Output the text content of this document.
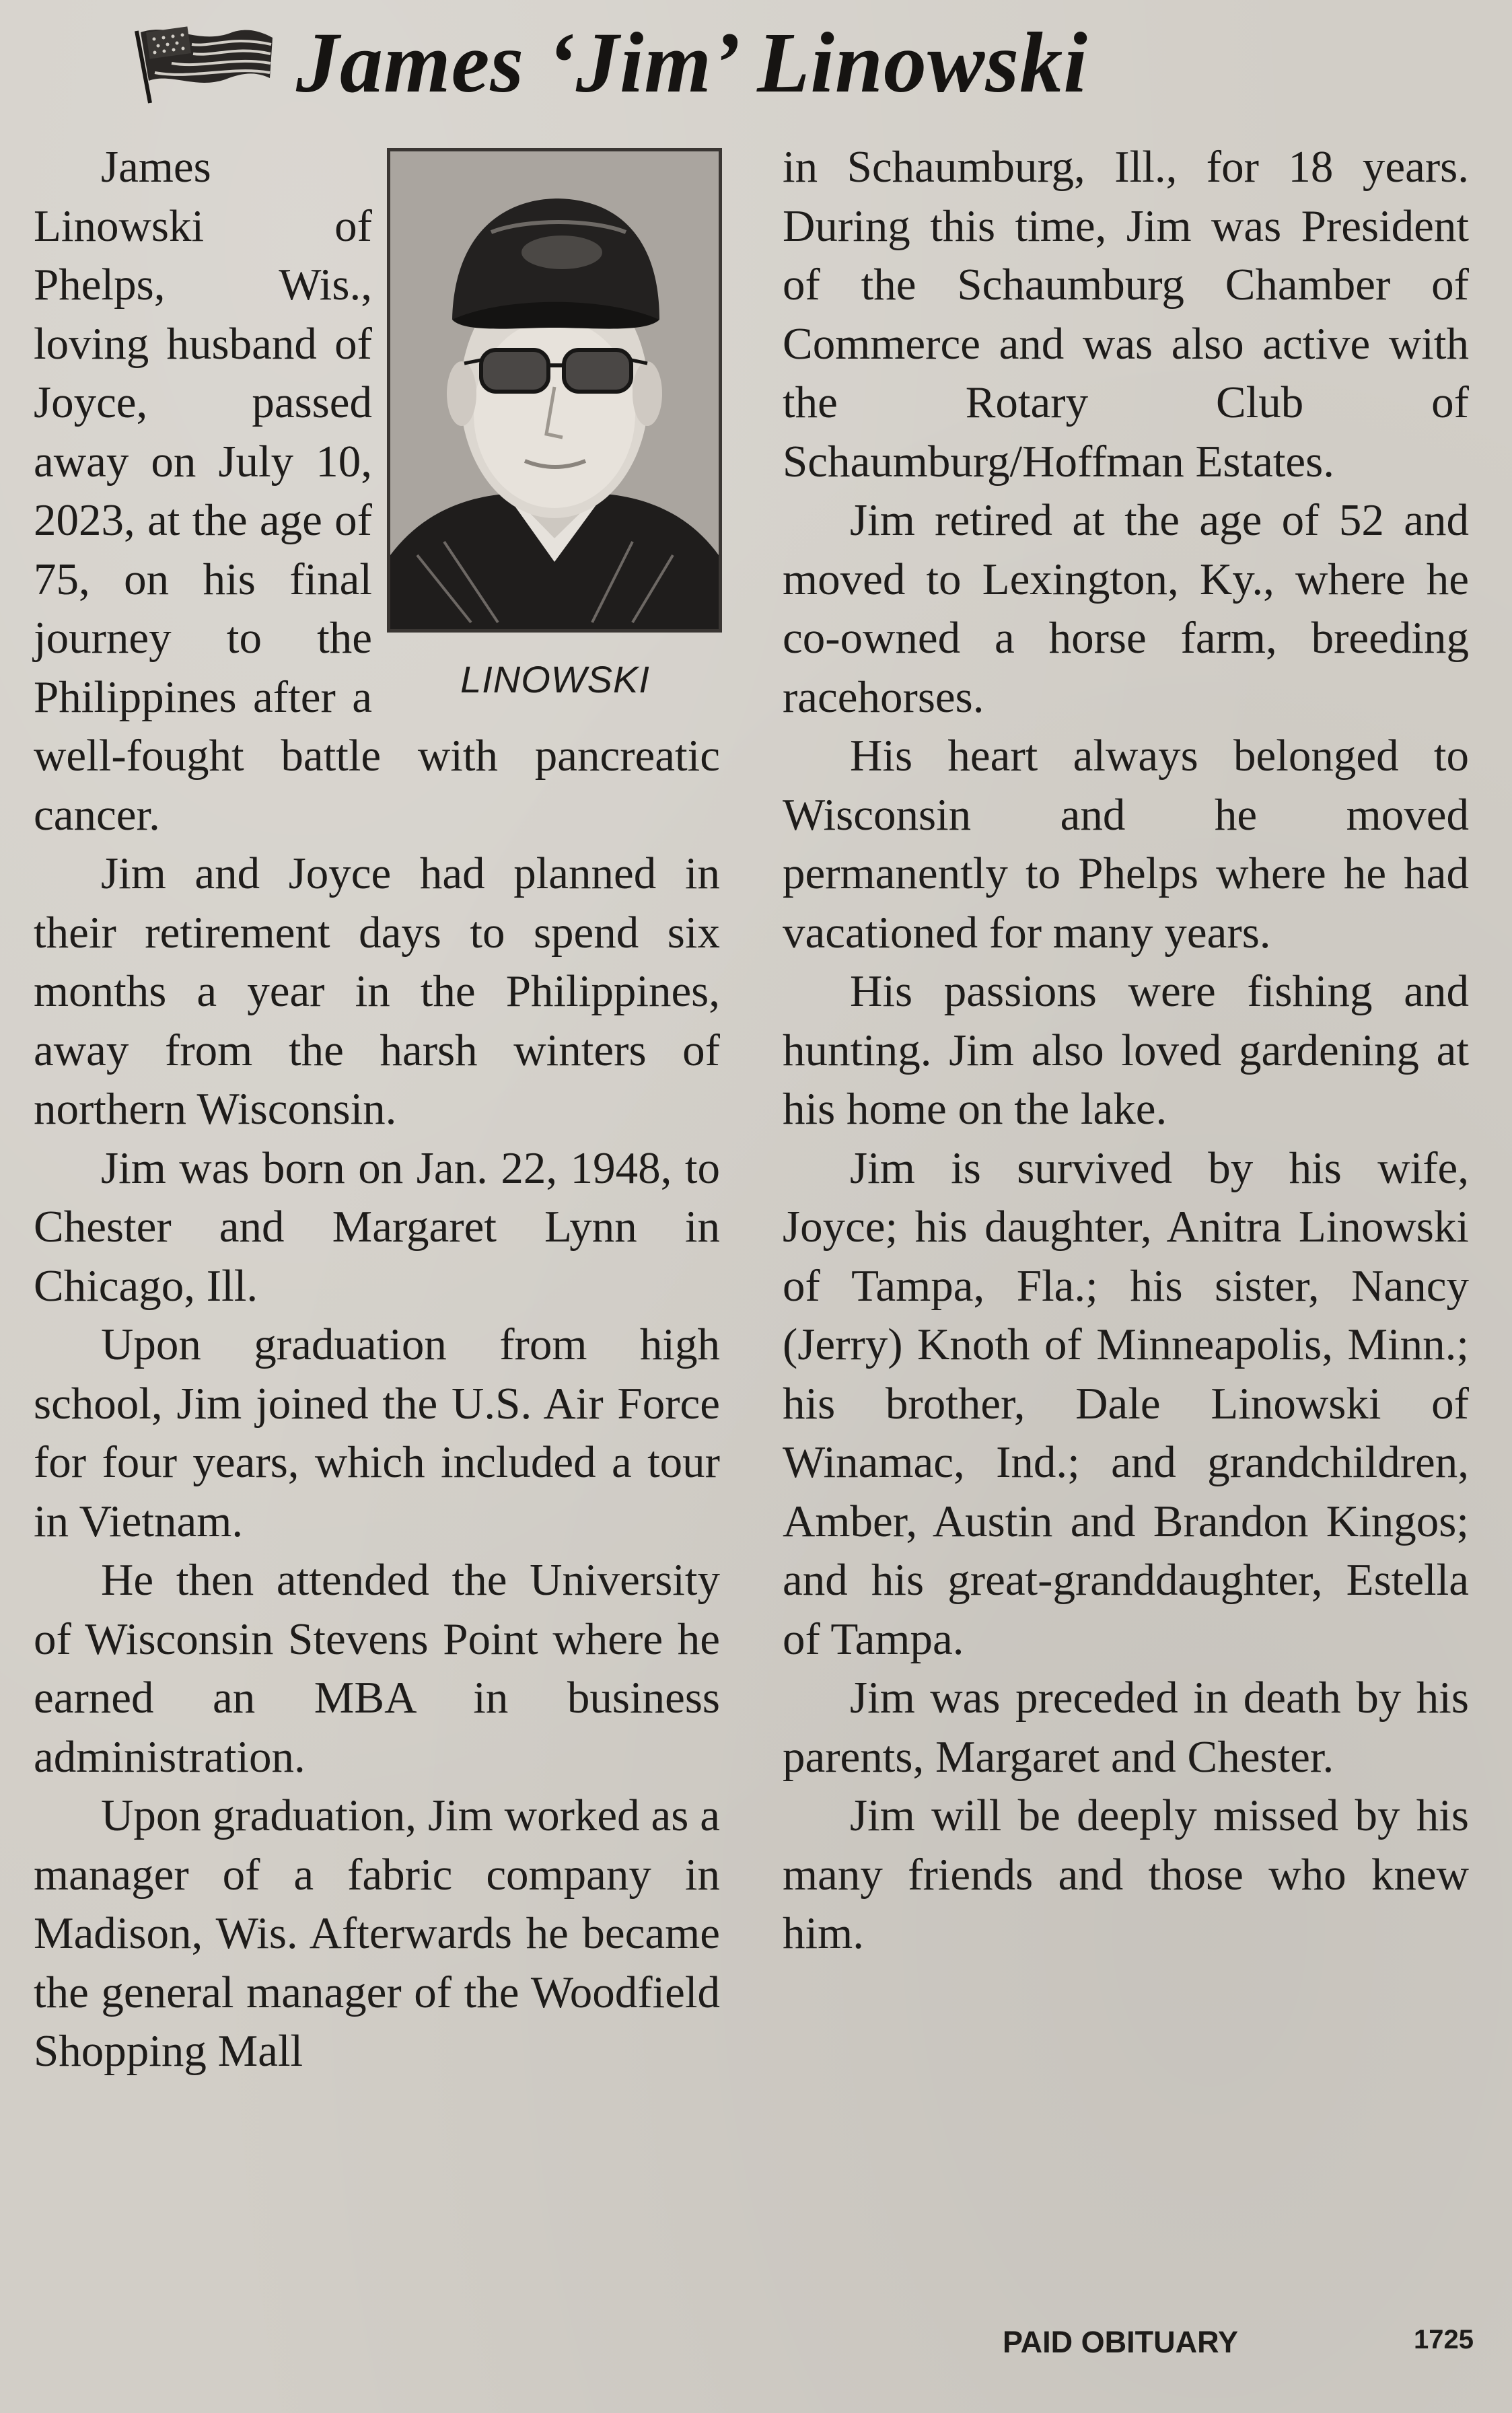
James ‘Jim’ Linowski
LINOWSKI

James Linowski of Phelps, Wis., loving husband of Joyce, passed away on July 10, 2023, at the age of 75, on his final journey to the Philippines after a well-fought battle with pancreatic cancer.

Jim and Joyce had planned in their retirement days to spend six months a year in the Philippines, away from the harsh winters of northern Wisconsin.

Jim was born on Jan. 22, 1948, to Chester and Margaret Lynn in Chicago, Ill.

Upon graduation from high school, Jim joined the U.S. Air Force for four years, which included a tour in Vietnam.

He then attended the University of Wisconsin Stevens Point where he earned an MBA in business administration.

Upon graduation, Jim worked as a manager of a fabric company in Madison, Wis. Afterwards he became the general manager of the Woodfield Shopping Mall

in Schaumburg, Ill., for 18 years. During this time, Jim was President of the Schaumburg Chamber of Commerce and was also active with the Rotary Club of Schaumburg/Hoffman Estates.

Jim retired at the age of 52 and moved to Lexington, Ky., where he co-owned a horse farm, breeding racehorses.

His heart always belonged to Wisconsin and he moved permanently to Phelps where he had vacationed for many years.

His passions were fishing and hunting. Jim also loved gardening at his home on the lake.

Jim is survived by his wife, Joyce; his daughter, Anitra Linowski of Tampa, Fla.; his sister, Nancy (Jerry) Knoth of Minneapolis, Minn.; his brother, Dale Linowski of Winamac, Ind.; and grandchildren, Amber, Austin and Brandon Kingos; and his great-granddaughter, Estella of Tampa.

Jim was preceded in death by his parents, Margaret and Chester.

Jim will be deeply missed by his many friends and those who knew him.

PAID OBITUARY	1725
